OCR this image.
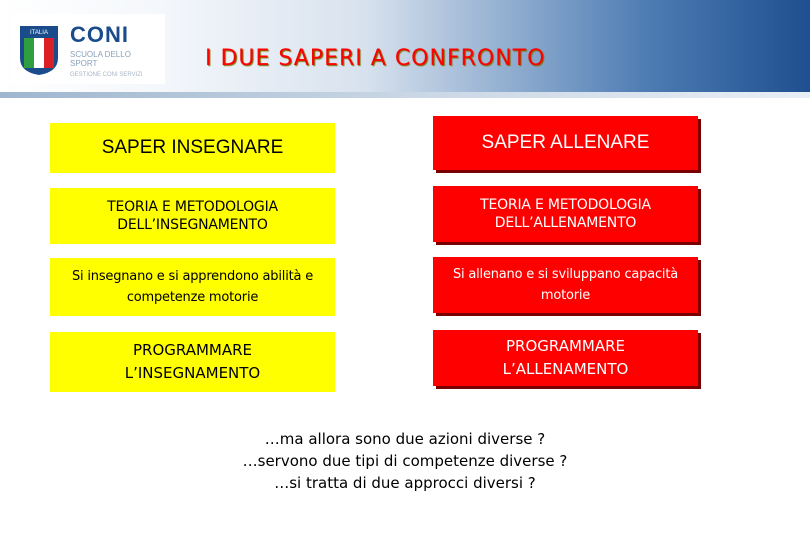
ITALIA CONI
SCUOLA DELLO SPORT
GESTIONE CONI SERVIZI
I DUE SAPERI A CONFRONTO
SAPER INSEGNARE
TEORIA E METODOLOGIA DELL’INSEGNAMENTO
Si insegnano e si apprendono abilità e competenze motorie
PROGRAMMARE L’INSEGNAMENTO
SAPER ALLENARE
TEORIA E METODOLOGIA DELL’ALLENAMENTO
Si allenano e si sviluppano capacità motorie
PROGRAMMARE L’ALLENAMENTO
…ma allora sono due azioni diverse ?
…servono due tipi di competenze diverse ?
…si tratta di due approcci diversi ?
